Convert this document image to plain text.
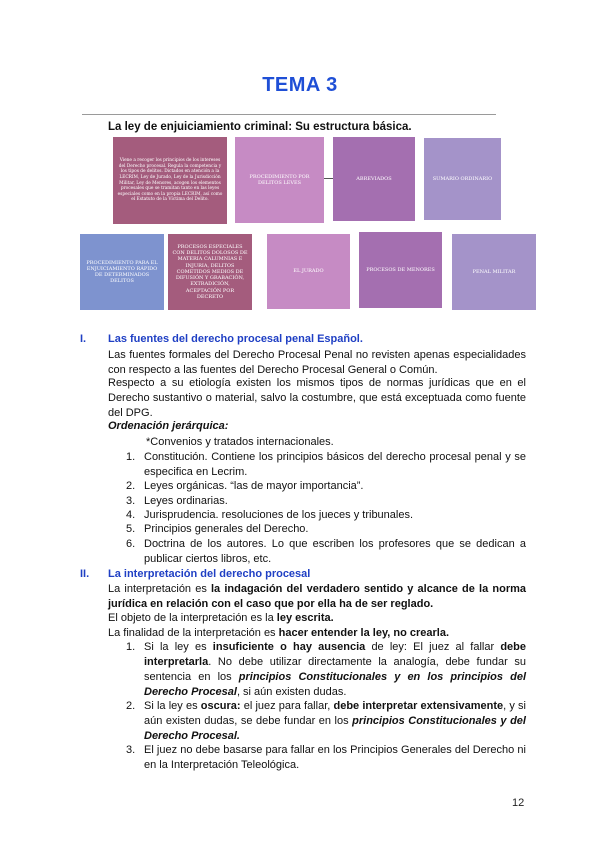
TEMA 3
La ley de enjuiciamiento criminal: Su estructura básica.
Viene a recoger los principios de los intereses del Derecho procesal. Regula la competencia y los tipos de delitos. Dictados en atención a la LECRIM, Ley de Jurado, Ley de la Jurisdicción Militar, Ley de Menores, acogen los elementos procesales que se tramitan tanto en las leyes especiales como en la propia LECRIM, así como el Estatuto de la Víctima del Delito.
PROCEDIMIENTO POR DELITOS LEVES
ABREVIADOS	SUMARIO ORDINARIO
PROCEDIMIENTO PARA EL ENJUICIAMIENTO RÁPIDO DE DETERMINADOS DELITOS
PROCESOS ESPECIALES CON DELITOS DOLOSOS DE MATERIA CALUMNIAS E INJURIA, DELITOS COMETIDOS MEDIOS DE DIFUSIÓN Y GRABACIÓN, EXTRADICIÓN, ACEPTACIÓN POR DECRETO
EL JURADO	PROCESOS DE MENORES	PENAL MILITAR
I. Las fuentes del derecho procesal penal Español.
Las fuentes formales del Derecho Procesal Penal no revisten apenas especialidades con respecto a las fuentes del Derecho Procesal General o Común.
Respecto a su etiología existen los mismos tipos de normas jurídicas que en el Derecho sustantivo o material, salvo la costumbre, que está exceptuada como fuente del DPG.
Ordenación jerárquica:
*Convenios y tratados internacionales.
1. Constitución. Contiene los principios básicos del derecho procesal penal y se especifica en Lecrim.
2. Leyes orgánicas. “las de mayor importancia”.
3. Leyes ordinarias.
4. Jurisprudencia. resoluciones de los jueces y tribunales.
5. Principios generales del Derecho.
6. Doctrina de los autores. Lo que escriben los profesores que se dedican a publicar ciertos libros, etc.
II. La interpretación del derecho procesal
La interpretación es la indagación del verdadero sentido y alcance de la norma jurídica en relación con el caso que por ella ha de ser reglado.
El objeto de la interpretación es la ley escrita.
La finalidad de la interpretación es hacer entender la ley, no crearla.
1. Si la ley es insuficiente o hay ausencia de ley: El juez al fallar debe interpretarla. No debe utilizar directamente la analogía, debe fundar su sentencia en los principios Constitucionales y en los principios del Derecho Procesal, si aún existen dudas.
2. Si la ley es oscura: el juez para fallar, debe interpretar extensivamente, y si aún existen dudas, se debe fundar en los principios Constitucionales y del Derecho Procesal.
3. El juez no debe basarse para fallar en los Principios Generales del Derecho ni en la Interpretación Teleológica.
12
